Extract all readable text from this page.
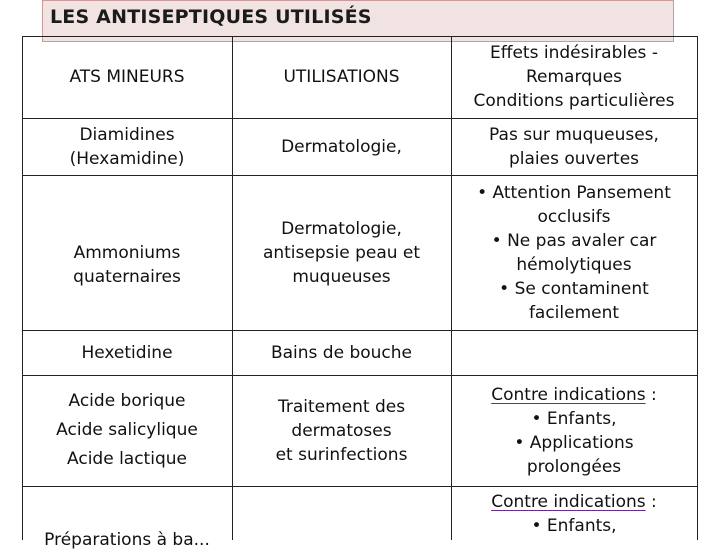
LES ANTISEPTIQUES UTILISÉS
ATS MINEURS	UTILISATIONS
Effets indésirables -
Remarques
Conditions particulières
Diamidines
(Hexamidine)
Dermatologie,
Pas sur muqueuses,
plaies ouvertes
Ammoniums
quaternaires
Dermatologie,
antisepsie peau et
muqueuses
• Attention Pansement
occlusifs
• Ne pas avaler car
hémolytiques
• Se contaminent
facilement
Hexetidine	Bains de bouche
Acide borique
Acide salicylique
Acide lactique
Traitement des
dermatoses
et surinfections
Contre indications :
• Enfants,
• Applications
prolongées
Préparations à ba...
Contre indications :
• Enfants,
